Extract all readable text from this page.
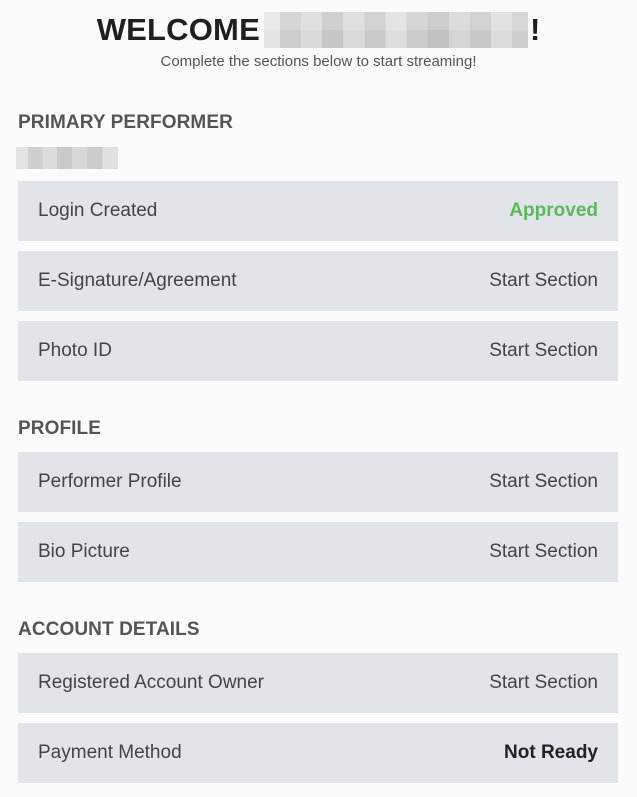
WELCOME	!
Complete the sections below to start streaming!
PRIMARY PERFORMER
Login Created	Approved
E-Signature/Agreement	Start Section
Photo ID	Start Section
PROFILE
Performer Profile	Start Section
Bio Picture	Start Section
ACCOUNT DETAILS
Registered Account Owner	Start Section
Payment Method	Not Ready
